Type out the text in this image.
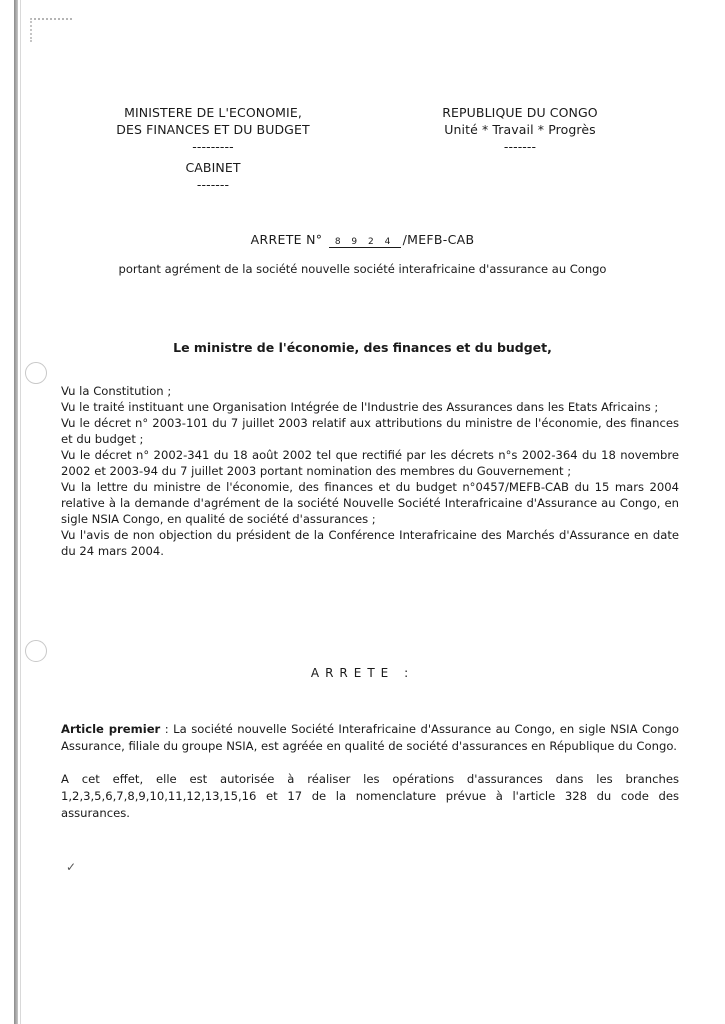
MINISTERE DE L'ECONOMIE,
DES FINANCES ET DU BUDGET
---------
CABINET
-------
REPUBLIQUE DU CONGO
Unité * Travail * Progrès
-------
ARRETE N° 8 9 2 4 /MEFB-CAB
portant agrément de la société nouvelle société interafricaine d'assurance au Congo
Le ministre de l'économie, des finances et du budget,

Vu la Constitution ;

Vu le traité instituant une Organisation Intégrée de l'Industrie des Assurances dans les Etats Africains ;

Vu le décret n° 2003-101 du 7 juillet 2003 relatif aux attributions du ministre de l'économie, des finances et du budget ;

Vu le décret n° 2002-341 du 18 août 2002 tel que rectifié par les décrets n°s 2002-364 du 18 novembre 2002 et 2003-94 du 7 juillet 2003 portant nomination des membres du Gouvernement ;

Vu la lettre du ministre de l'économie, des finances et du budget n°0457/MEFB-CAB du 15 mars 2004 relative à la demande d'agrément de la société Nouvelle Société Interafricaine d'Assurance au Congo, en sigle NSIA Congo, en qualité de société d'assurances ;

Vu l'avis de non objection du président de la Conférence Interafricaine des Marchés d'Assurance en date du 24 mars 2004.

ARRETE :

Article premier : La société nouvelle Société Interafricaine d'Assurance au Congo, en sigle NSIA Congo Assurance, filiale du groupe NSIA, est agréée en qualité de société d'assurances en République du Congo.

A cet effet, elle est autorisée à réaliser les opérations d'assurances dans les branches 1,2,3,5,6,7,8,9,10,11,12,13,15,16 et 17 de la nomenclature prévue à l'article 328 du code des assurances.

✓
